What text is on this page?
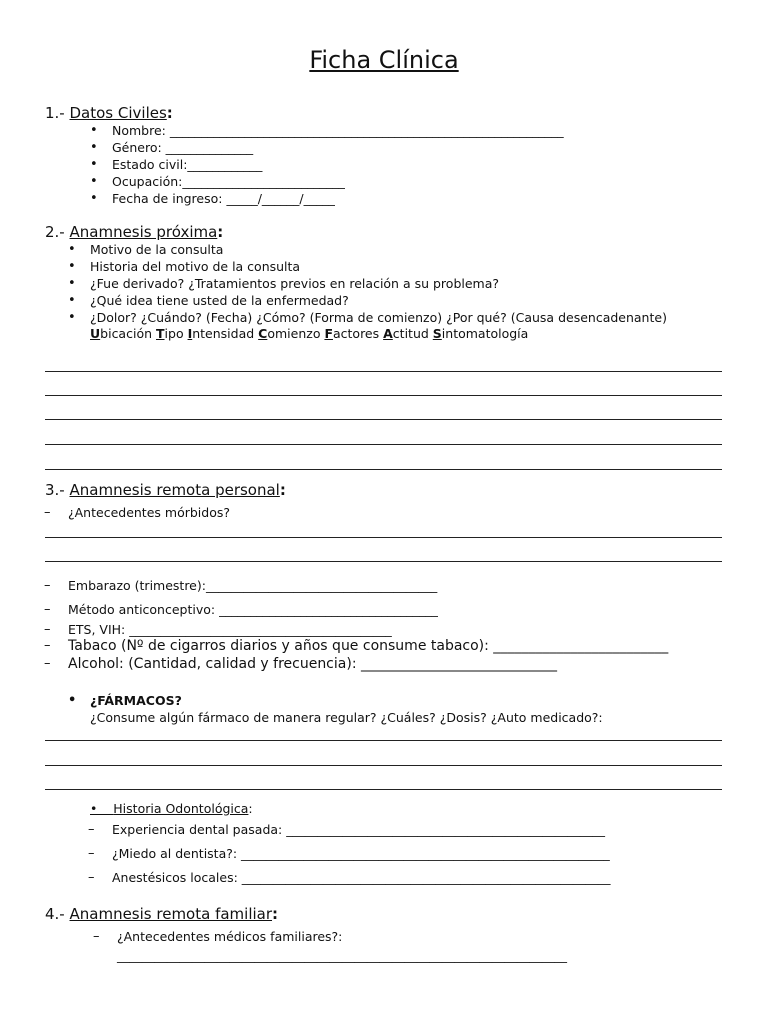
Ficha Clínica
1.- Datos Civiles:
• Nombre: _______________________________________________________________
• Género: ______________
• Estado civil:____________
• Ocupación:__________________________
• Fecha de ingreso: _____/______/_____
2.- Anamnesis próxima:
• Motivo de la consulta
• Historia del motivo de la consulta
• ¿Fue derivado? ¿Tratamientos previos en relación a su problema?
• ¿Qué idea tiene usted de la enfermedad?
• ¿Dolor? ¿Cuándo? (Fecha) ¿Cómo? (Forma de comienzo) ¿Por qué? (Causa desencadenante)
Ubicación Tipo Intensidad Comienzo Factores Actitud Sintomatología
3.- Anamnesis remota personal:
– ¿Antecedentes mórbidos?
– Embarazo (trimestre):_____________________________________
– Método anticonceptivo: ___________________________________
– ETS, VIH: __________________________________________
– Tabaco (Nº de cigarros diarios y años que consume tabaco): _________________________
– Alcohol: (Cantidad, calidad y frecuencia): ____________________________
• ¿FÁRMACOS?
¿Consume algún fármaco de manera regular? ¿Cuáles? ¿Dosis? ¿Auto medicado?:
•    Historia Odontológica:
– Experiencia dental pasada: ___________________________________________________
– ¿Miedo al dentista?: ___________________________________________________________
– Anestésicos locales: ___________________________________________________________
4.- Anamnesis remota familiar:
– ¿Antecedentes médicos familiares?:
________________________________________________________________________
